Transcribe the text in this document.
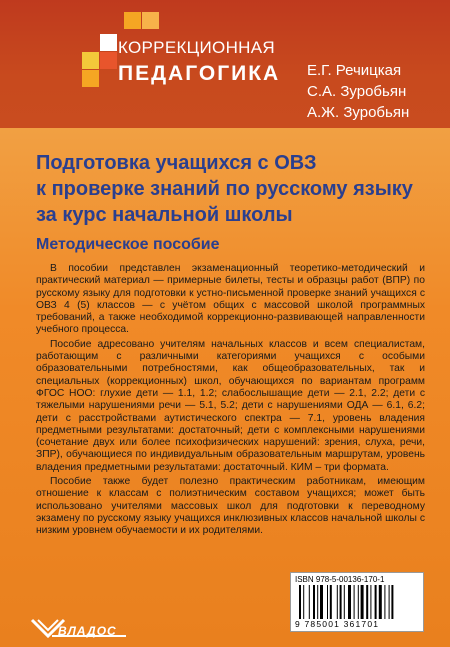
КОРРЕКЦИОННАЯ
ПЕДАГОГИКА Е.Г. Речицкая
С.А. Зуробьян
А.Ж. Зуробьян
Подготовка учащихся с ОВЗ
к проверке знаний по русскому языку
за курс начальной школы
Методическое пособие

В пособии представлен экзаменационный теоретико-методический и практический материал — примерные билеты, тесты и образцы работ (ВПР) по русскому языку для подготовки к устно-письменной проверке знаний учащихся с ОВЗ 4 (5) классов — с учётом общих с массовой школой программных требований, а также необходимой коррекционно-развивающей направленности учебного процесса.

Пособие адресовано учителям начальных классов и всем специалистам, работающим с различными категориями учащихся с особыми образовательными потребностями, как общеобразовательных, так и специальных (коррекционных) школ, обучающихся по вариантам программ ФГОС НОО: глухие дети — 1.1, 1.2; слабослышащие дети — 2.1, 2.2; дети с тяжелыми нарушениями речи — 5.1, 5.2; дети с нарушениями ОДА — 6.1, 6.2; дети с расстройствами аутистического спектра — 7.1, уровень владения предметными результатами: достаточный; дети с комплексными нарушениями (сочетание двух или более психофизических нарушений: зрения, слуха, речи, ЗПР), обучающиеся по индивидуальным образовательным маршрутам, уровень владения предметными результатами: достаточный. КИМ – три формата.

Пособие также будет полезно практическим работникам, имеющим отношение к классам с полиэтническим составом учащихся; может быть использовано учителями массовых школ для подготовки к переводному экзамену по русскому языку учащихся инклюзивных классов начальной школы с низким уровнем обучаемости и их родителями.

ISBN 978-5-00136-170-1
9 785001 361701
ВЛАДОС
